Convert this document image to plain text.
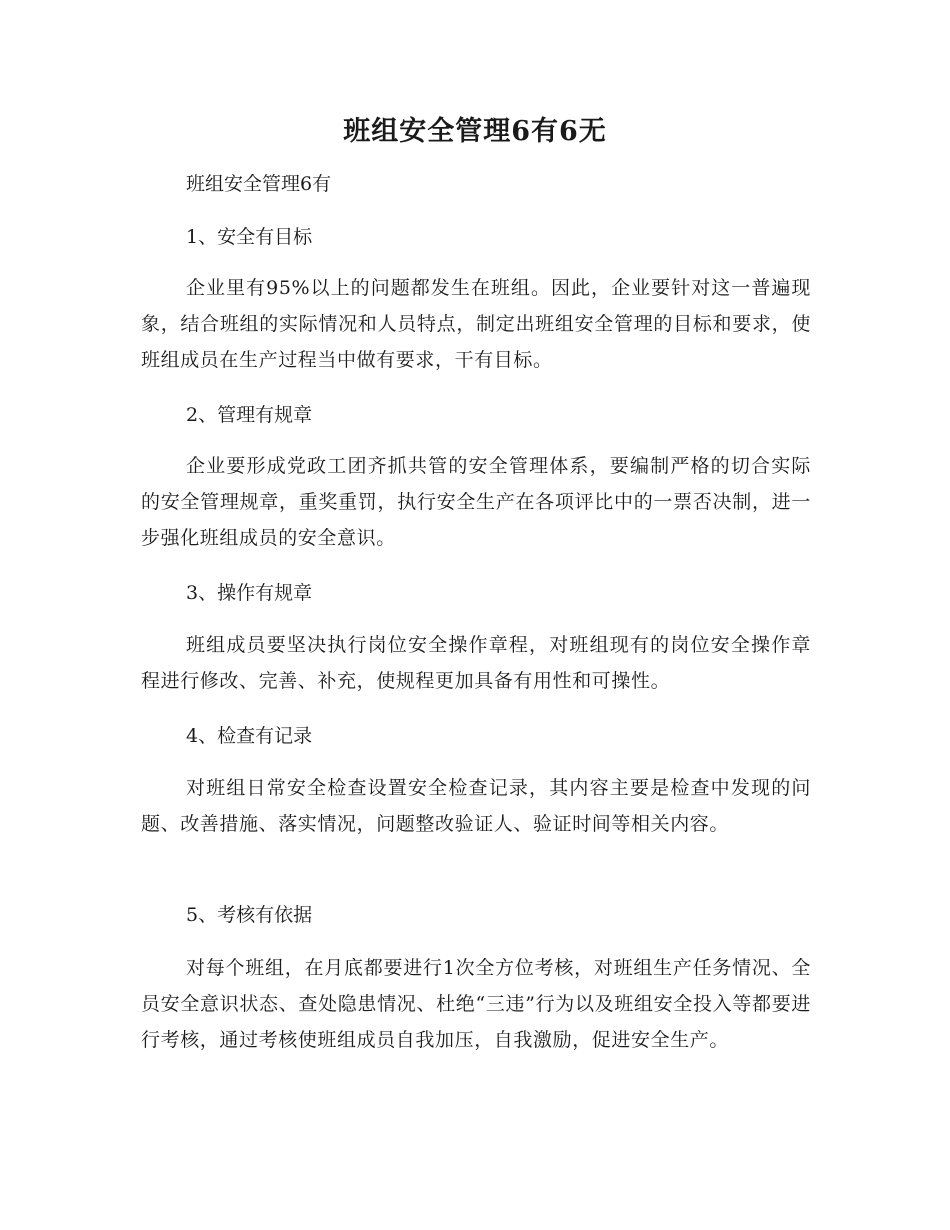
班组安全管理6有6无
班组安全管理6有
1、安全有目标
企业里有95%以上的问题都发生在班组。因此，企业要针对这一普遍现象，结合班组的实际情况和人员特点，制定出班组安全管理的目标和要求，使班组成员在生产过程当中做有要求，干有目标。
2、管理有规章
企业要形成党政工团齐抓共管的安全管理体系，要编制严格的切合实际的安全管理规章，重奖重罚，执行安全生产在各项评比中的一票否决制，进一步强化班组成员的安全意识。
3、操作有规章
班组成员要坚决执行岗位安全操作章程，对班组现有的岗位安全操作章程进行修改、完善、补充，使规程更加具备有用性和可操性。
4、检查有记录
对班组日常安全检查设置安全检查记录，其内容主要是检查中发现的问题、改善措施、落实情况，问题整改验证人、验证时间等相关内容。
5、考核有依据
对每个班组，在月底都要进行1次全方位考核，对班组生产任务情况、全员安全意识状态、查处隐患情况、杜绝“三违”行为以及班组安全投入等都要进行考核，通过考核使班组成员自我加压，自我激励，促进安全生产。
